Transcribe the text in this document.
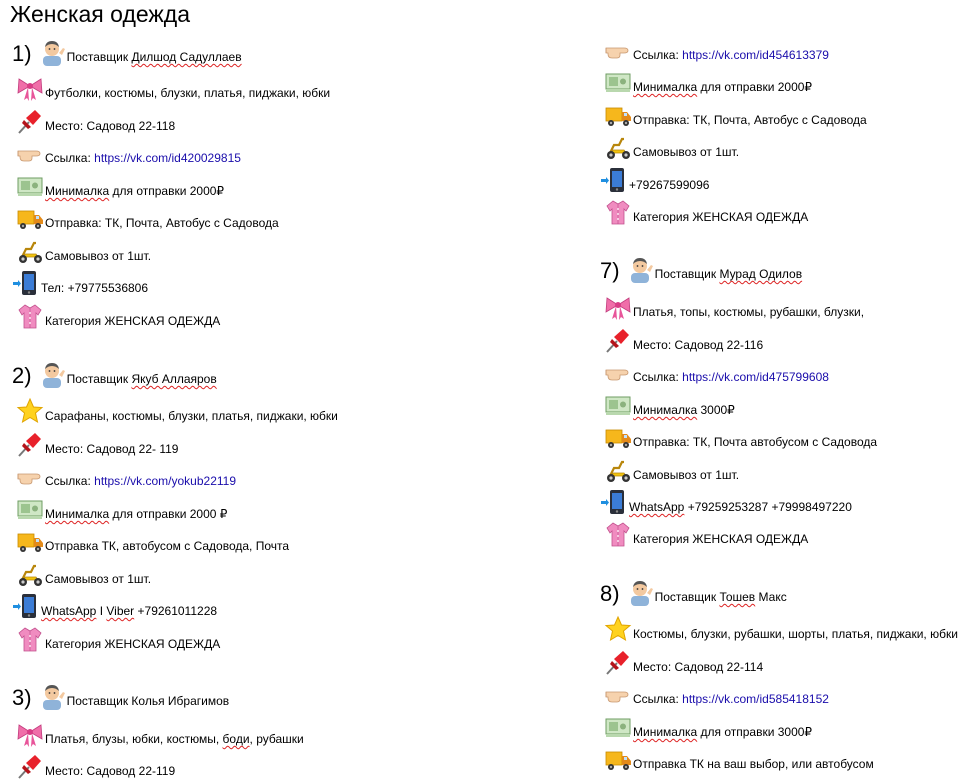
Женская одежда
1)	Поставщик Дилшод Садуллаев
Футболки, костюмы, блузки, платья, пиджаки, юбки
Место: Садовод 22-118
Ссылка: https://vk.com/id420029815
Минималка для отправки 2000₽
Отправка: ТК, Почта, Автобус с Садовода
Самовывоз от 1шт.
Тел: +79775536806
Категория ЖЕНСКАЯ ОДЕЖДА
2)	Поставщик Якуб Аллаяров
Сарафаны, костюмы, блузки, платья, пиджаки, юбки
Место: Садовод 22- 119
Ссылка: https://vk.com/yokub22119
Минималка для отправки 2000 ₽
Отправка ТК, автобусом с Садовода, Почта
Самовывоз от 1шт.
WhatsApp I Viber +79261011228
Категория ЖЕНСКАЯ ОДЕЖДА
3)	Поставщик Колья Ибрагимов
Платья, блузы, юбки, костюмы, боди, рубашки
Место: Садовод 22-119
Ссылка: https://vk.com/id454613379
Минималка для отправки 2000₽
Отправка: ТК, Почта, Автобус с Садовода
Самовывоз от 1шт.
+79267599096
Категория ЖЕНСКАЯ ОДЕЖДА
7)	Поставщик Мурад Одилов
Платья, топы, костюмы, рубашки, блузки,
Место: Садовод 22-116
Ссылка: https://vk.com/id475799608
Минималка 3000₽
Отправка: ТК, Почта автобусом с Садовода
Самовывоз от 1шт.
WhatsApp +79259253287 +79998497220
Категория ЖЕНСКАЯ ОДЕЖДА
8)	Поставщик Тошев Макс
Костюмы, блузки, рубашки, шорты, платья, пиджаки, юбки
Место: Садовод 22-114
Ссылка: https://vk.com/id585418152
Минималка для отправки 3000₽
Отправка ТК на ваш выбор, или автобусом
